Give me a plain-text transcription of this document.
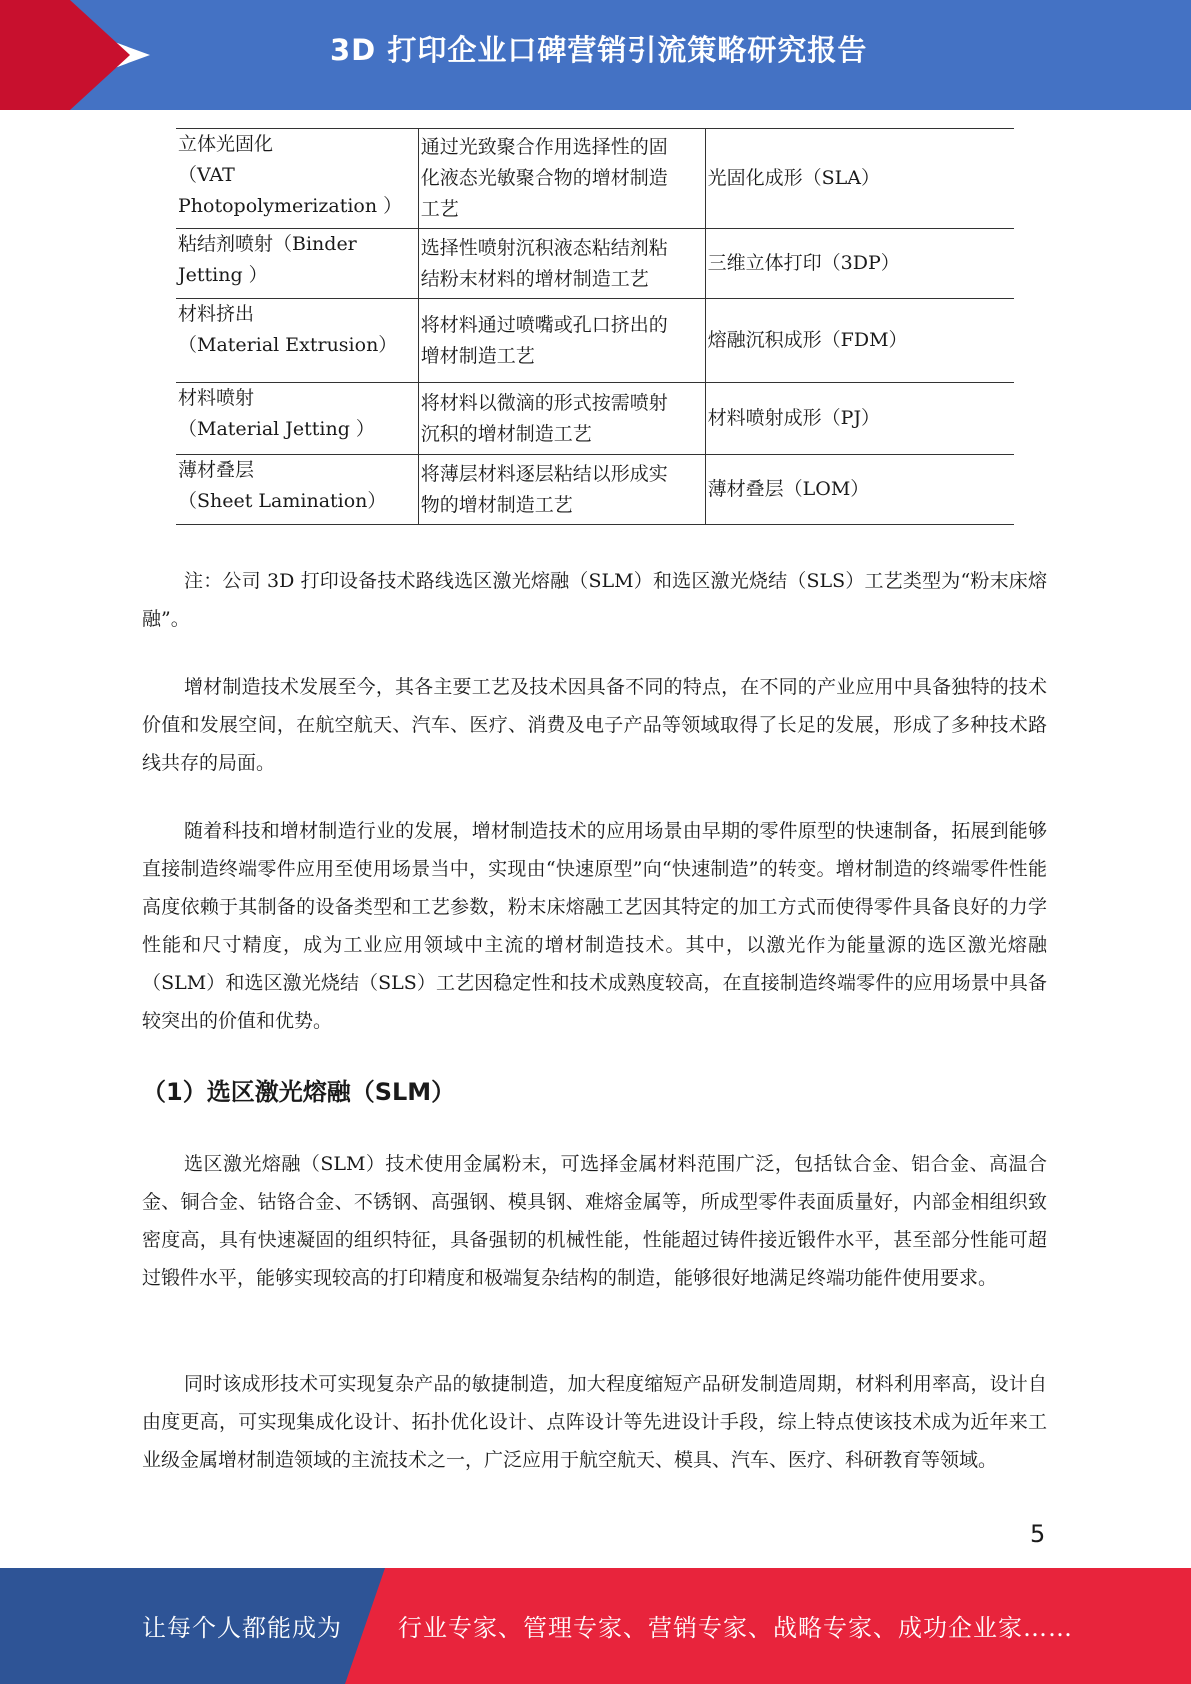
3D 打印企业口碑营销引流策略研究报告
立体光固化
（VAT
Photopolymerization ）	通过光致聚合作用选择性的固
化液态光敏聚合物的增材制造
工艺	光固化成形（SLA）

粘结剂喷射（Binder
Jetting ）	选择性喷射沉积液态粘结剂粘
结粉末材料的增材制造工艺	三维立体打印（3DP）

材料挤出
（Material Extrusion）	将材料通过喷嘴或孔口挤出的
增材制造工艺	熔融沉积成形（FDM）

材料喷射
（Material Jetting ）	将材料以微滴的形式按需喷射
沉积的增材制造工艺	材料喷射成形（PJ）

薄材叠层
（Sheet Lamination）	将薄层材料逐层粘结以形成实
物的增材制造工艺	薄材叠层（LOM）

注：公司 3D 打印设备技术路线选区激光熔融（SLM）和选区激光烧结（SLS）工艺类型为“粉末床熔融”。

增材制造技术发展至今，其各主要工艺及技术因具备不同的特点，在不同的产业应用中具备独特的技术价值和发展空间，在航空航天、汽车、医疗、消费及电子产品等领域取得了长足的发展，形成了多种技术路线共存的局面。

随着科技和增材制造行业的发展，增材制造技术的应用场景由早期的零件原型的快速制备，拓展到能够直接制造终端零件应用至使用场景当中，实现由“快速原型”向“快速制造”的转变。增材制造的终端零件性能高度依赖于其制备的设备类型和工艺参数，粉末床熔融工艺因其特定的加工方式而使得零件具备良好的力学性能和尺寸精度，成为工业应用领域中主流的增材制造技术。其中，以激光作为能量源的选区激光熔融（SLM）和选区激光烧结（SLS）工艺因稳定性和技术成熟度较高，在直接制造终端零件的应用场景中具备较突出的价值和优势。

（1）选区激光熔融（SLM）

选区激光熔融（SLM）技术使用金属粉末，可选择金属材料范围广泛，包括钛合金、铝合金、高温合金、铜合金、钴铬合金、不锈钢、高强钢、模具钢、难熔金属等，所成型零件表面质量好，内部金相组织致密度高，具有快速凝固的组织特征，具备强韧的机械性能，性能超过铸件接近锻件水平，甚至部分性能可超过锻件水平，能够实现较高的打印精度和极端复杂结构的制造，能够很好地满足终端功能件使用要求。

同时该成形技术可实现复杂产品的敏捷制造，加大程度缩短产品研发制造周期，材料利用率高，设计自由度更高，可实现集成化设计、拓扑优化设计、点阵设计等先进设计手段，综上特点使该技术成为近年来工业级金属增材制造领域的主流技术之一，广泛应用于航空航天、模具、汽车、医疗、科研教育等领域。

5
让每个人都能成为 行业专家、管理专家、营销专家、战略专家、成功企业家……
